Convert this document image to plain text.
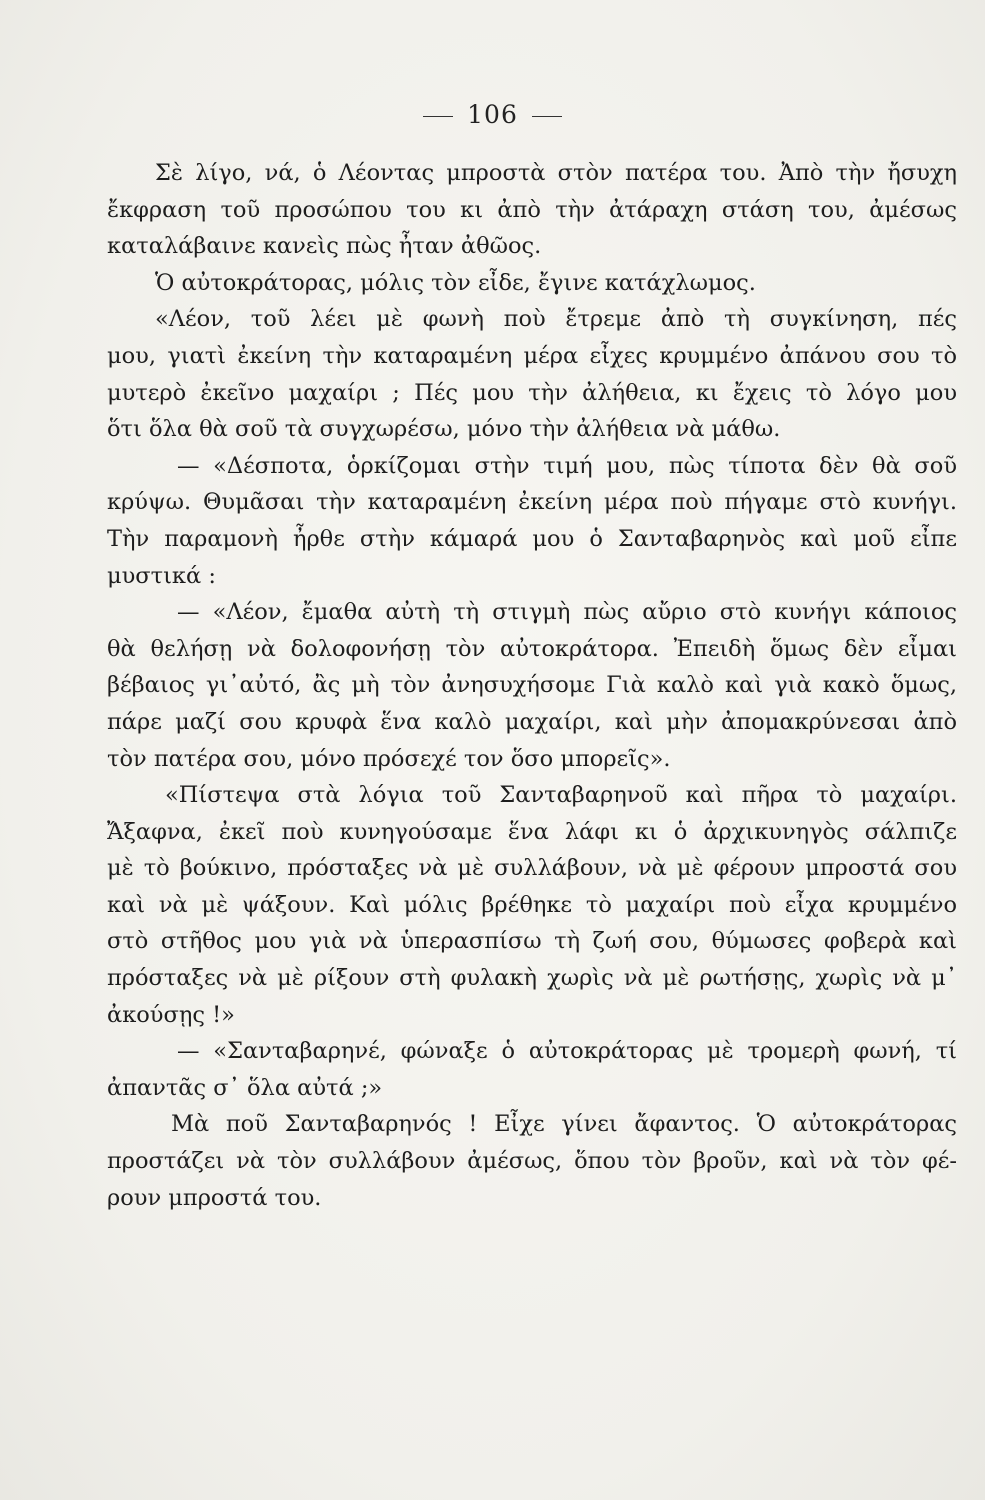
106
Σὲ λίγο, νά, ὁ Λέοντας μπροστὰ στὸν πατέρα του. Ἀπὸ τὴν ἤσυχη
ἔκφραση τοῦ προσώπου του κι ἀπὸ τὴν ἀτάραχη στάση του, ἀμέσως
καταλάβαινε κανεὶς πὼς ἦταν ἀθῶος.
Ὁ αὐτοκράτορας, μόλις τὸν εἶδε, ἔγινε κατάχλωμος.
«Λέον, τοῦ λέει μὲ φωνὴ ποὺ ἔτρεμε ἀπὸ τὴ συγκίνηση, πές
μου, γιατὶ ἐκείνη τὴν καταραμένη μέρα εἶχες κρυμμένο ἀπάνου σου τὸ
μυτερὸ ἐκεῖνο μαχαίρι ; Πές μου τὴν ἀλήθεια, κι ἔχεις τὸ λόγο μου
ὅτι ὅλα θὰ σοῦ τὰ συγχωρέσω, μόνο τὴν ἀλήθεια νὰ μάθω.
— «Δέσποτα, ὁρκίζομαι στὴν τιμή μου, πὼς τίποτα δὲν θὰ σοῦ
κρύψω. Θυμᾶσαι τὴν καταραμένη ἐκείνη μέρα ποὺ πήγαμε στὸ κυνήγι.
Τὴν παραμονὴ ἦρθε στὴν κάμαρά μου ὁ Σανταβαρηνὸς καὶ μοῦ εἶπε
μυστικά :
— «Λέον, ἔμαθα αὐτὴ τὴ στιγμὴ πὼς αὔριο στὸ κυνήγι κάποιος
θὰ θελήσῃ νὰ δολοφονήσῃ τὸν αὐτοκράτορα. Ἐπειδὴ ὅμως δὲν εἶμαι
βέβαιος γι᾿αὐτό, ἂς μὴ τὸν ἀνησυχήσομε Γιὰ καλὸ καὶ γιὰ κακὸ ὅμως,
πάρε μαζί σου κρυφὰ ἕνα καλὸ μαχαίρι, καὶ μὴν ἀπομακρύνεσαι ἀπὸ
τὸν πατέρα σου, μόνο πρόσεχέ τον ὅσο μπορεῖς».
«Πίστεψα στὰ λόγια τοῦ Σανταβαρηνοῦ καὶ πῆρα τὸ μαχαίρι.
Ἄξαφνα, ἐκεῖ ποὺ κυνηγούσαμε ἕνα λάφι κι ὁ ἀρχικυνηγὸς σάλπιζε
μὲ τὸ βούκινο, πρόσταξες νὰ μὲ συλλάβουν, νὰ μὲ φέρουν μπροστά σου
καὶ νὰ μὲ ψάξουν. Καὶ μόλις βρέθηκε τὸ μαχαίρι ποὺ εἶχα κρυμμένο
στὸ στῆθος μου γιὰ νὰ ὑπερασπίσω τὴ ζωή σου, θύμωσες φοβερὰ καὶ
πρόσταξες νὰ μὲ ρίξουν στὴ φυλακὴ χωρὶς νὰ μὲ ρωτήσῃς, χωρὶς νὰ μ᾿
ἀκούσῃς !»
— «Σανταβαρηνέ, φώναξε ὁ αὐτοκράτορας μὲ τρομερὴ φωνή, τί
ἀπαντᾶς σ᾿ ὅλα αὐτά ;»
Μὰ ποῦ Σανταβαρηνός ! Εἶχε γίνει ἄφαντος. Ὁ αὐτοκράτορας
προστάζει νὰ τὸν συλλάβουν ἀμέσως, ὅπου τὸν βροῦν, καὶ νὰ τὸν φέ-
ρουν μπροστά του.
